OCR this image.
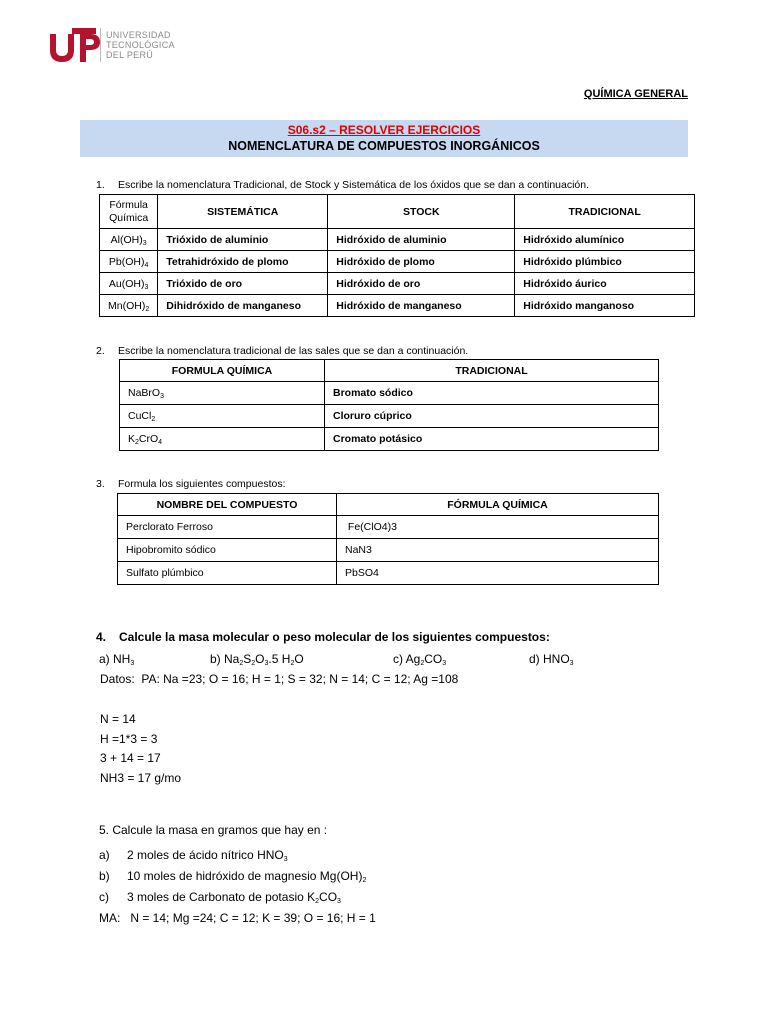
UNIVERSIDAD
TECNOLÓGICA
DEL PERÚ
QUÍMICA GENERAL
S06.s2 – RESOLVER EJERCICIOS
NOMENCLATURA DE COMPUESTOS INORGÁNICOS
1. Escribe la nomenclatura Tradicional, de Stock y Sistemática de los óxidos que se dan a continuación.
Fórmula Química	SISTEMÁTICA	STOCK	TRADICIONAL
$Al(OH)_3$	Trióxido de aluminio	Hidróxido de aluminio	Hidróxido alumínico
$Pb(OH)_4$	Tetrahidróxido de plomo	Hidróxido de plomo	Hidróxido plúmbico
$Au(OH)_3$	Trióxido de oro	Hidróxido de oro	Hidróxido áurico
$Mn(OH)_2$	Dihidróxido de manganeso	Hidróxido de manganeso	Hidróxido manganoso
2. Escribe la nomenclatura tradicional de las sales que se dan a continuación.
FORMULA QUÍMICA	TRADICIONAL
NaBrO$_3$	Bromato sódico
CuCl$_2$	Cloruro cúprico
$K_2CrO_4$	Cromato potásico
3. Formula los siguientes compuestos:
NOMBRE DEL COMPUESTO	FÓRMULA QUÍMICA
Perclorato Ferroso	Fe(ClO4)3
Hipobromito sódico	NaN3
Sulfato plúmbico	PbSO4
4. Calcule la masa molecular o peso molecular de los siguientes compuestos:
a) $NH_3$	b) $Na_2S_2O_3.5$ $H_2O$	c) $Ag_2CO_3$	d) $HNO_3$
Datos:  PA: Na =23; O = 16; H = 1; S = 32; N = 14; C = 12; Ag =108
N = 14
H =1*3 = 3
3 + 14 = 17
NH3 = 17 g/mo
5. Calcule la masa en gramos que hay en :
a) 2 moles de ácido nítrico $HNO_3$
b) 10 moles de hidróxido de magnesio $Mg(OH)_2$
c) 3 moles de Carbonato de potasio $K_2CO_3$
MA:   N = 14; Mg =24; C = 12; K = 39; O = 16; H = 1
